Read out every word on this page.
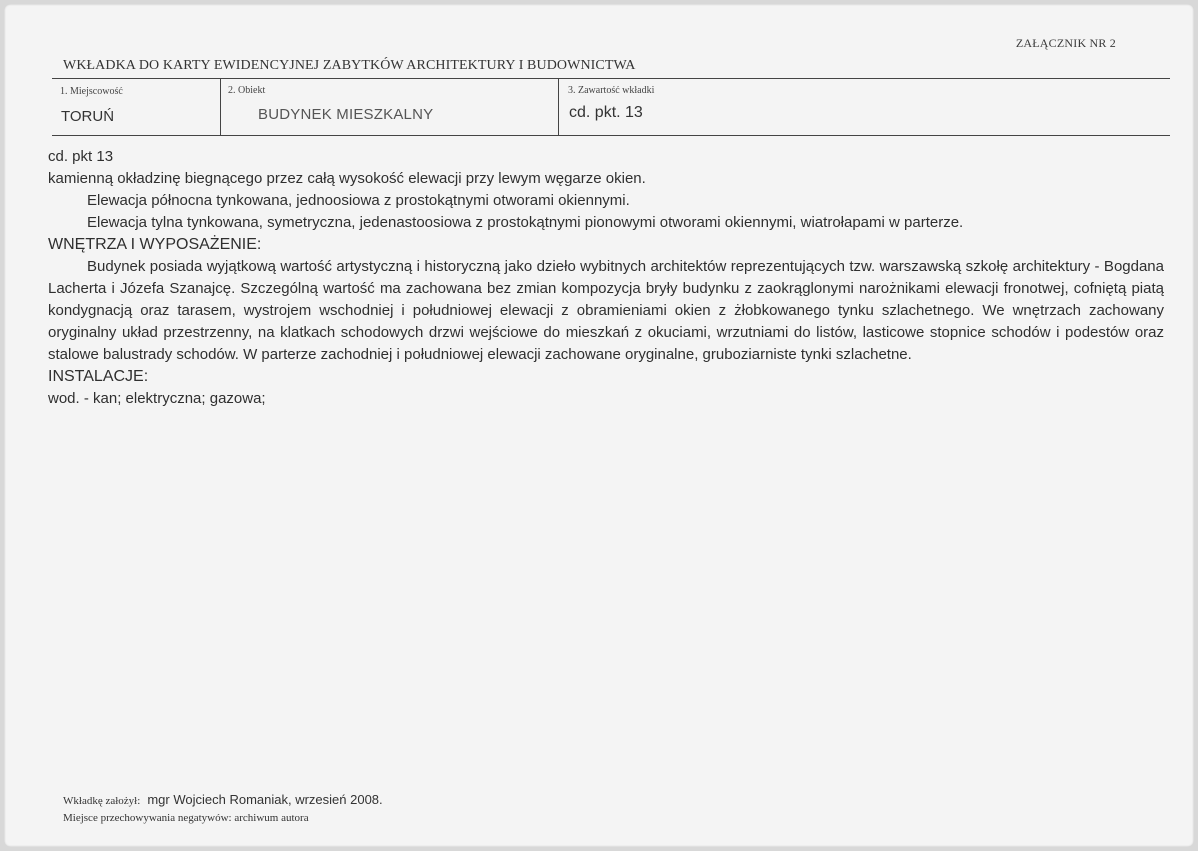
ZAŁĄCZNIK NR 2
WKŁADKA DO KARTY EWIDENCYJNEJ ZABYTKÓW ARCHITEKTURY I BUDOWNICTWA
1. Miejscowość
TORUŃ
2. Obiekt
BUDYNEK MIESZKALNY
3. Zawartość wkładki
cd. pkt. 13

cd. pkt 13

kamienną okładzinę biegnącego przez całą wysokość elewacji przy lewym węgarze okien.

Elewacja północna tynkowana, jednoosiowa z prostokątnymi otworami okiennymi.

Elewacja tylna tynkowana, symetryczna, jedenastoosiowa z prostokątnymi pionowymi otworami okiennymi, wiatrołapami w parterze.

WNĘTRZA I WYPOSAŻENIE:

Budynek posiada wyjątkową wartość artystyczną i historyczną jako dzieło wybitnych architektów reprezentujących tzw. warszawską szkołę architektury - Bogdana Lacherta i Józefa Szanajcę. Szczególną wartość ma zachowana bez zmian kompozycja bryły budynku z zaokrąglonymi narożnikami elewacji fronotwej, cofniętą piatą kondygnacją oraz tarasem, wystrojem wschodniej i południowej elewacji z obramieniami okien z żłobkowanego tynku szlachetnego. We wnętrzach zachowany oryginalny układ przestrzenny, na klatkach schodowych drzwi wejściowe do mieszkań z okuciami, wrzutniami do listów, lasticowe stopnice schodów i podestów oraz stalowe balustrady schodów. W parterze zachodniej i południowej elewacji zachowane oryginalne, gruboziarniste tynki szlachetne.

INSTALACJE:

wod. - kan; elektryczna; gazowa;

Wkładkę założył: mgr Wojciech Romaniak, wrzesień 2008.
Miejsce przechowywania negatywów: archiwum autora
